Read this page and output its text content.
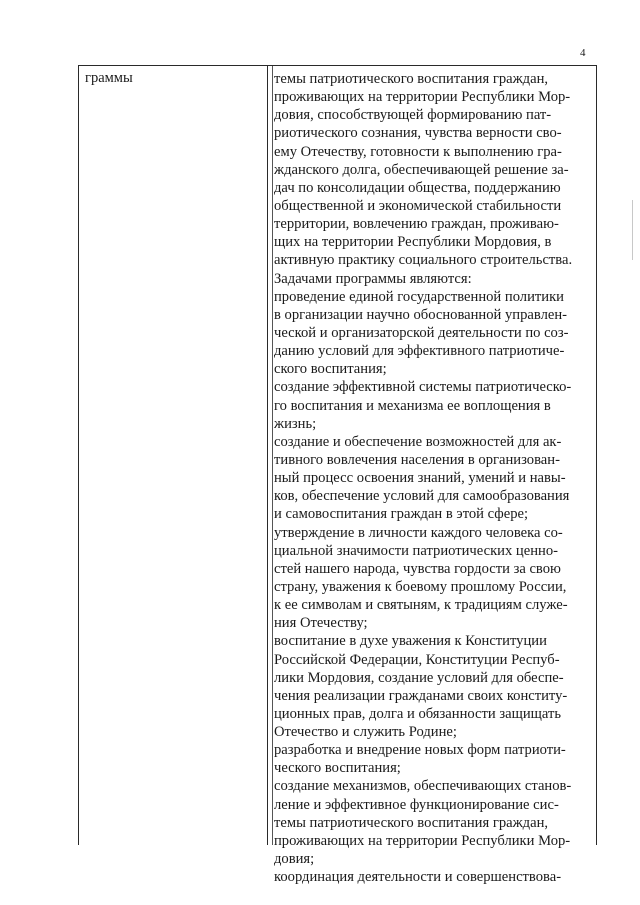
4
граммы	темы патриотического воспитания граждан,
проживающих на территории Республики Мор-
довия, способствующей формированию пат-
риотического сознания, чувства верности сво-
ему Отечеству, готовности к выполнению гра-
жданского долга, обеспечивающей решение за-
дач по консолидации общества, поддержанию
общественной и экономической стабильности
территории, вовлечению граждан, проживаю-
щих на территории Республики Мордовия, в
активную практику социального строительства.
Задачами программы являются:
проведение единой государственной политики
в организации научно обоснованной управлен-
ческой и организаторской деятельности по соз-
данию условий для эффективного патриотиче-
ского воспитания;
создание эффективной системы патриотическо-
го воспитания и механизма ее воплощения в
жизнь;
создание и обеспечение возможностей для ак-
тивного вовлечения населения в организован-
ный процесс освоения знаний, умений и навы-
ков, обеспечение условий для самообразования
и самовоспитания граждан в этой сфере;
утверждение в личности каждого человека со-
циальной значимости патриотических ценно-
стей нашего народа, чувства гордости за свою
страну, уважения к боевому прошлому России,
к ее символам и святыням, к традициям служе-
ния Отечеству;
воспитание в духе уважения к Конституции
Российской Федерации, Конституции Респуб-
лики Мордовия, создание условий для обеспе-
чения реализации гражданами своих конститу-
ционных прав, долга и обязанности защищать
Отечество и служить Родине;
разработка и внедрение новых форм патриоти-
ческого воспитания;
создание механизмов, обеспечивающих станов-
ление и эффективное функционирование сис-
темы патриотического воспитания граждан,
проживающих на территории Республики Мор-
довия;
координация деятельности и совершенствова-
